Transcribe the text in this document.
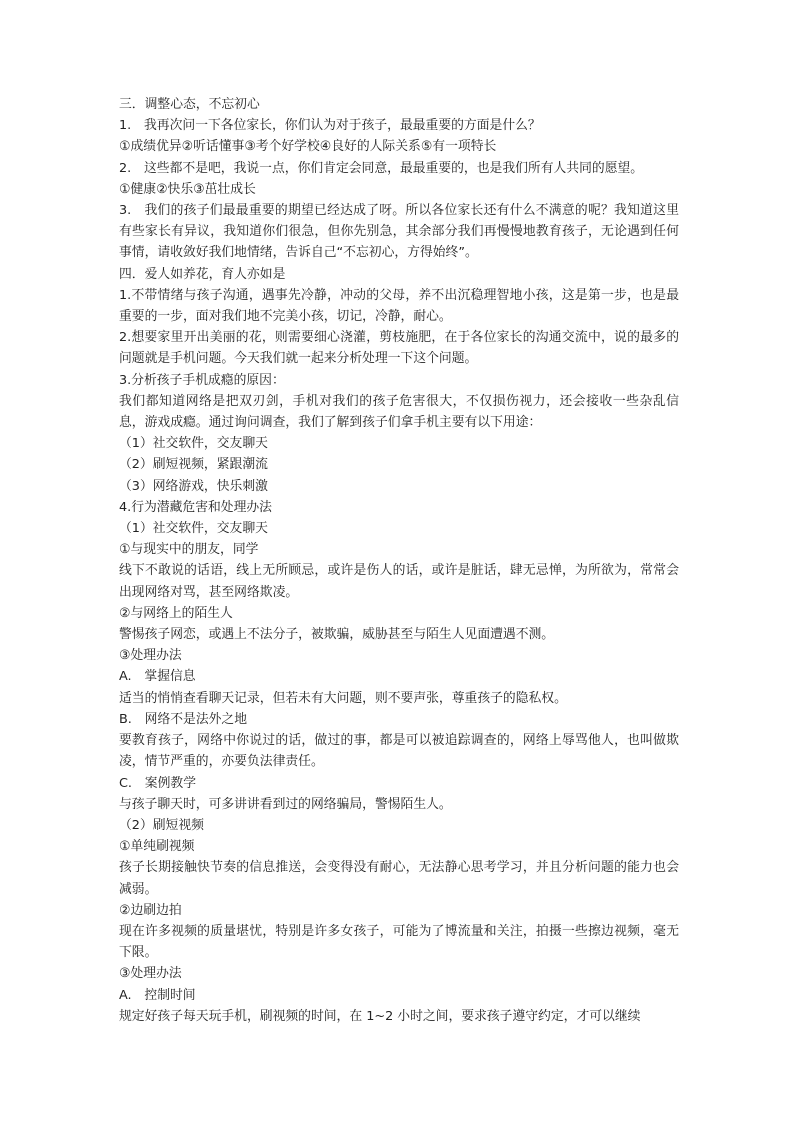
三．调整心态，不忘初心

1.　我再次问一下各位家长，你们认为对于孩子，最最重要的方面是什么？

①成绩优异②听话懂事③考个好学校④良好的人际关系⑤有一项特长

2.　这些都不是吧，我说一点，你们肯定会同意，最最重要的，也是我们所有人共同的愿望。

①健康②快乐③茁壮成长

3.　我们的孩子们最最重要的期望已经达成了呀。所以各位家长还有什么不满意的呢？我知道这里有些家长有异议，我知道你们很急，但你先别急，其余部分我们再慢慢地教育孩子，无论遇到任何事情，请收敛好我们地情绪，告诉自己“不忘初心，方得始终”。

四．爱人如养花，育人亦如是

1.不带情绪与孩子沟通，遇事先冷静，冲动的父母，养不出沉稳理智地小孩，这是第一步，也是最重要的一步，面对我们地不完美小孩，切记，冷静，耐心。

2.想要家里开出美丽的花，则需要细心浇灌，剪枝施肥，在于各位家长的沟通交流中，说的最多的问题就是手机问题。今天我们就一起来分析处理一下这个问题。

3.分析孩子手机成瘾的原因：

我们都知道网络是把双刃剑，手机对我们的孩子危害很大，不仅损伤视力，还会接收一些杂乱信息，游戏成瘾。通过询问调查，我们了解到孩子们拿手机主要有以下用途：

（1）社交软件，交友聊天

（2）刷短视频，紧跟潮流

（3）网络游戏，快乐刺激

4.行为潜藏危害和处理办法

（1）社交软件，交友聊天

①与现实中的朋友，同学

线下不敢说的话语，线上无所顾忌，或许是伤人的话，或许是脏话，肆无忌惮，为所欲为，常常会出现网络对骂，甚至网络欺凌。

②与网络上的陌生人

警惕孩子网恋，或遇上不法分子，被欺骗，威胁甚至与陌生人见面遭遇不测。

③处理办法

A.　掌握信息

适当的悄悄查看聊天记录，但若未有大问题，则不要声张，尊重孩子的隐私权。

B.　网络不是法外之地

要教育孩子，网络中你说过的话，做过的事，都是可以被追踪调查的，网络上辱骂他人，也叫做欺凌，情节严重的，亦要负法律责任。

C.　案例教学

与孩子聊天时，可多讲讲看到过的网络骗局，警惕陌生人。

（2）刷短视频

①单纯刷视频

孩子长期接触快节奏的信息推送，会变得没有耐心，无法静心思考学习，并且分析问题的能力也会减弱。

②边刷边拍

现在许多视频的质量堪忧，特别是许多女孩子，可能为了博流量和关注，拍摄一些擦边视频，毫无下限。

③处理办法

A.　控制时间

规定好孩子每天玩手机，刷视频的时间，在 1~2 小时之间，要求孩子遵守约定，才可以继续
